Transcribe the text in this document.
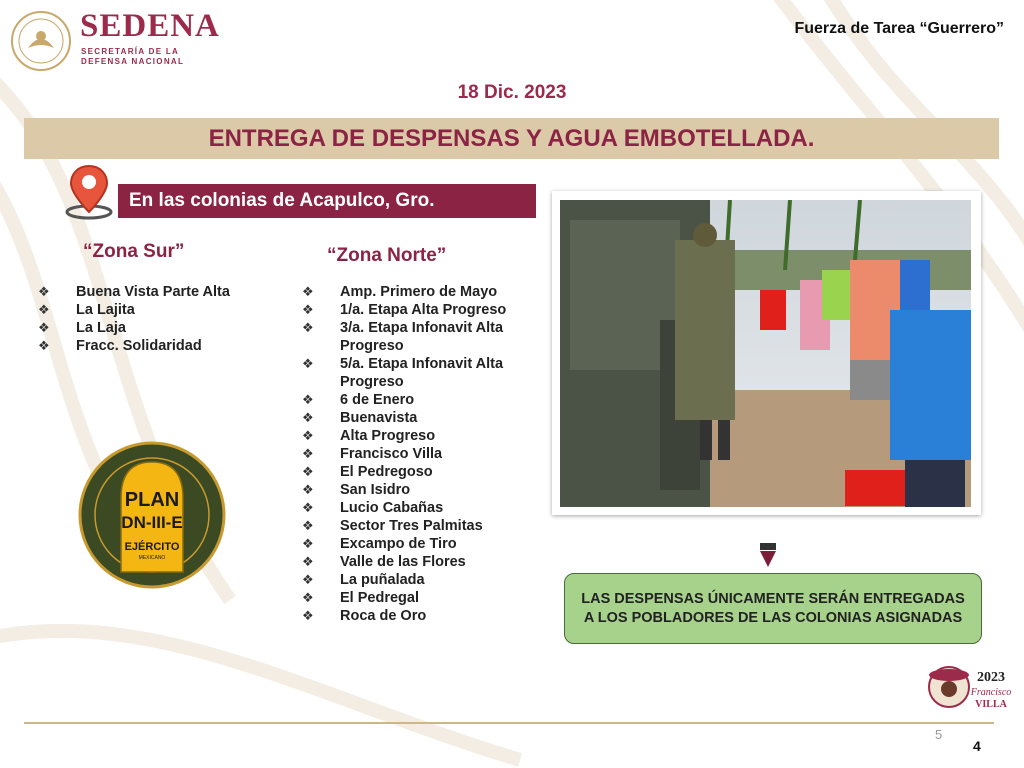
SEDENA
SECRETARÍA DE LA
DEFENSA NACIONAL
Fuerza de Tarea “Guerrero”
18 Dic. 2023
ENTREGA DE DESPENSAS Y AGUA EMBOTELLADA.
En las colonias de Acapulco, Gro.
“Zona Sur”	“Zona Norte”
❖ Buena Vista Parte Alta
❖ La Lajita
❖ La Laja
❖ Fracc. Solidaridad
❖ Amp. Primero de Mayo
❖ 1/a. Etapa Alta Progreso
❖ 3/a. Etapa Infonavit Alta Progreso
❖ 5/a. Etapa Infonavit Alta Progreso
❖ 6 de Enero
❖ Buenavista
❖ Alta Progreso
❖ Francisco Villa
❖ El Pedregoso
❖ San Isidro
❖ Lucio Cabañas
❖ Sector Tres Palmitas
❖ Excampo de Tiro
❖ Valle de las Flores
❖ La puñalada
❖ El Pedregal
❖ Roca de Oro
PLAN
DN-III-E
EJÉRCITO
MEXICANO
LAS DESPENSAS ÚNICAMENTE SERÁN ENTREGADAS A LOS POBLADORES DE LAS COLONIAS ASIGNADAS
5
4
2023
Francisco
VILLA
